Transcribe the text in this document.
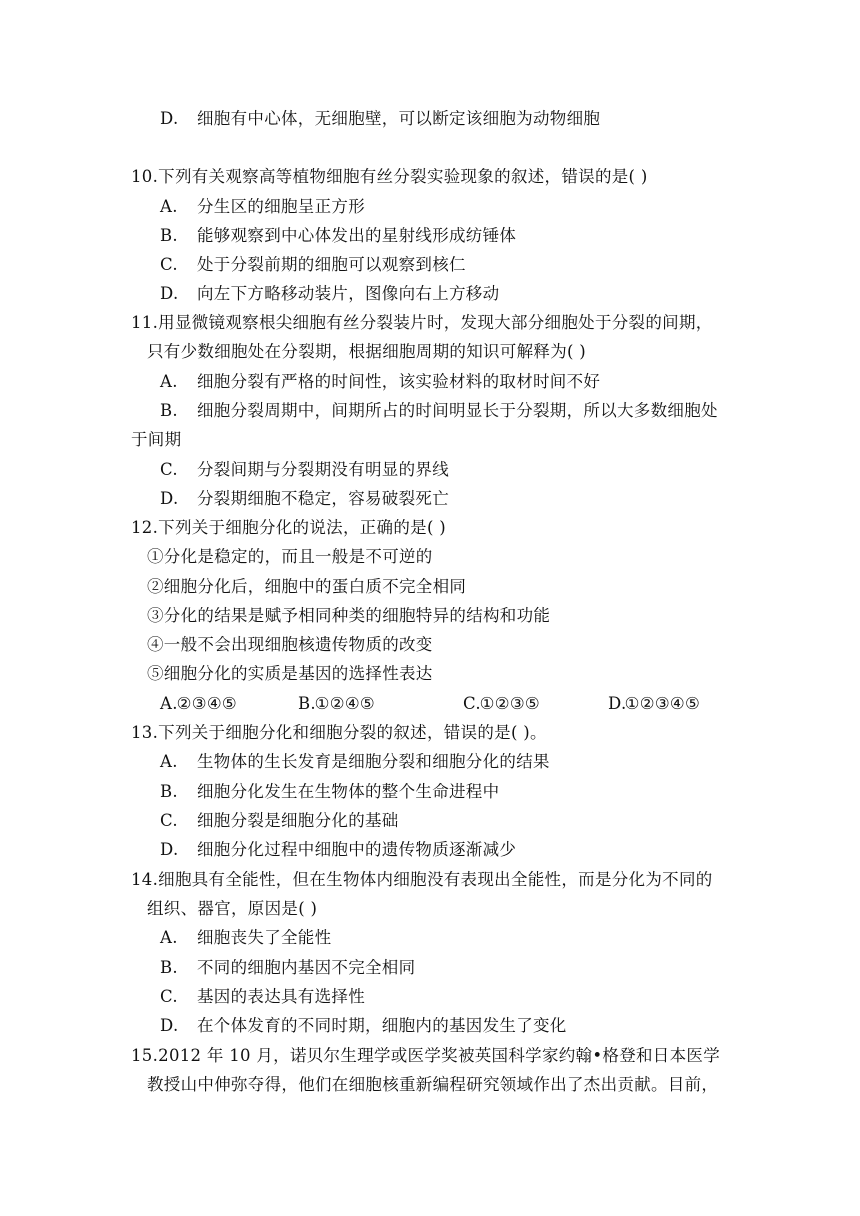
D. 细胞有中心体，无细胞壁，可以断定该细胞为动物细胞
10.下列有关观察高等植物细胞有丝分裂实验现象的叙述，错误的是( )
A. 分生区的细胞呈正方形
B. 能够观察到中心体发出的星射线形成纺锤体
C. 处于分裂前期的细胞可以观察到核仁
D. 向左下方略移动装片，图像向右上方移动
11.用显微镜观察根尖细胞有丝分裂装片时，发现大部分细胞处于分裂的间期，
只有少数细胞处在分裂期，根据细胞周期的知识可解释为( )
A. 细胞分裂有严格的时间性，该实验材料的取材时间不好
B. 细胞分裂周期中，间期所占的时间明显长于分裂期，所以大多数细胞处
于间期
C. 分裂间期与分裂期没有明显的界线
D. 分裂期细胞不稳定，容易破裂死亡
12.下列关于细胞分化的说法，正确的是( )
①分化是稳定的，而且一般是不可逆的
②细胞分化后，细胞中的蛋白质不完全相同
③分化的结果是赋予相同种类的细胞特异的结构和功能
④一般不会出现细胞核遗传物质的改变
⑤细胞分化的实质是基因的选择性表达
A.

②③④⑤	B.

①②④⑤	C.

①②③⑤	D.

①②③④⑤
13.下列关于细胞分化和细胞分裂的叙述，错误的是( )。
A. 生物体的生长发育是细胞分裂和细胞分化的结果
B. 细胞分化发生在生物体的整个生命进程中
C. 细胞分裂是细胞分化的基础
D. 细胞分化过程中细胞中的遗传物质逐渐减少
14.细胞具有全能性，但在生物体内细胞没有表现出全能性，而是分化为不同的
组织、器官，原因是( )
A. 细胞丧失了全能性
B. 不同的细胞内基因不完全相同
C. 基因的表达具有选择性
D. 在个体发育的不同时期，细胞内的基因发生了变化
15.2012 年 10 月，诺贝尔生理学或医学奖被英国科学家约翰•格登和日本医学
教授山中伸弥夺得，他们在细胞核重新编程研究领域作出了杰出贡献。目前，
